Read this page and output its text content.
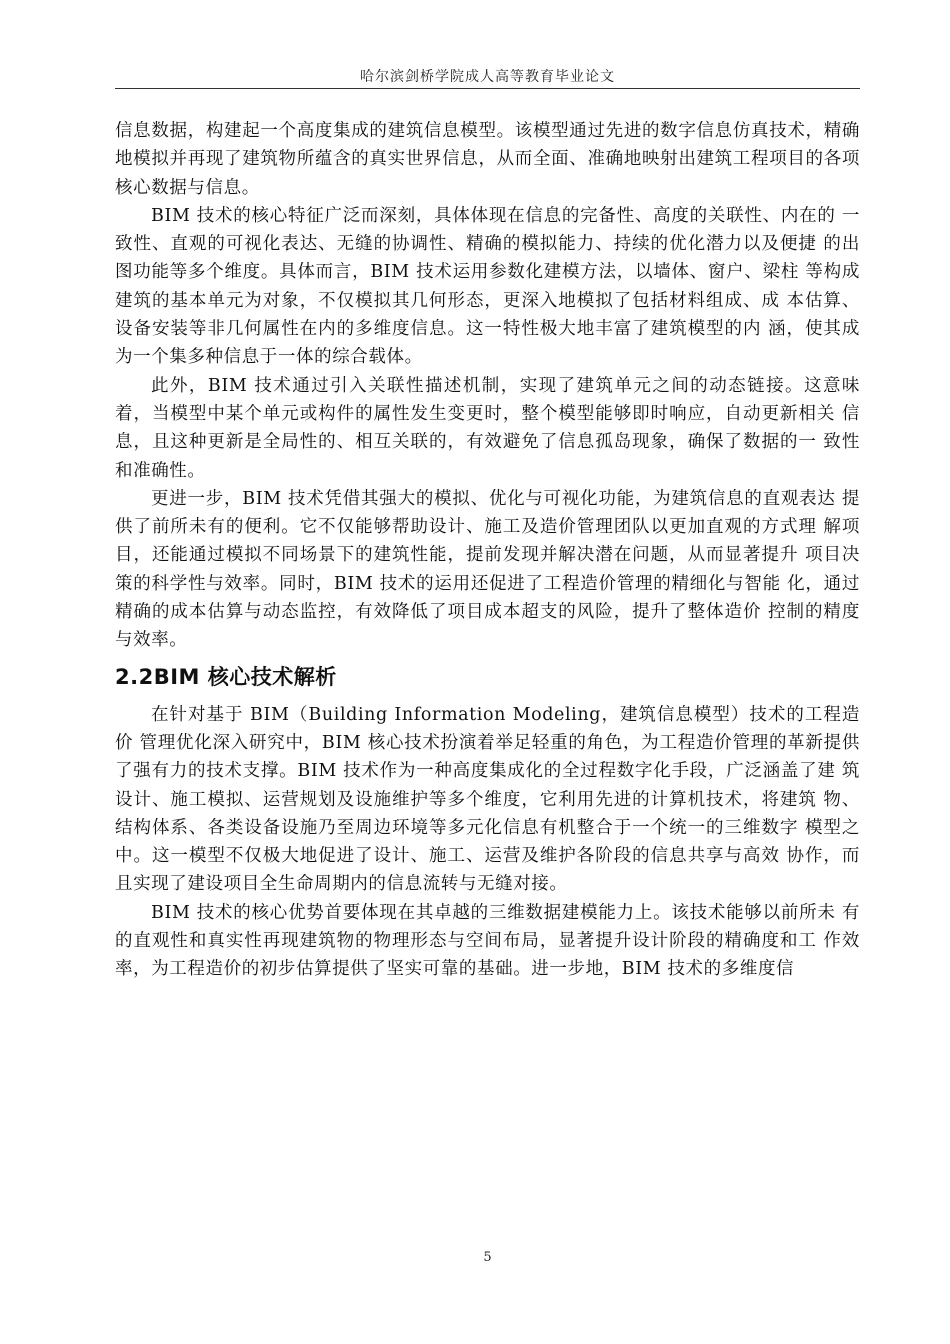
哈尔滨剑桥学院成人高等教育毕业论文

信息数据，构建起一个高度集成的建筑信息模型。该模型通过先进的数字信息仿真技术，精确地模拟并再现了建筑物所蕴含的真实世界信息，从而全面、准确地映射出建筑工程项目的各项核心数据与信息。

BIM 技术的核心特征广泛而深刻，具体体现在信息的完备性、高度的关联性、内在的 一致性、直观的可视化表达、无缝的协调性、精确的模拟能力、持续的优化潜力以及便捷 的出图功能等多个维度。具体而言，BIM 技术运用参数化建模方法，以墙体、窗户、梁柱 等构成建筑的基本单元为对象，不仅模拟其几何形态，更深入地模拟了包括材料组成、成 本估算、设备安装等非几何属性在内的多维度信息。这一特性极大地丰富了建筑模型的内 涵，使其成为一个集多种信息于一体的综合载体。

此外，BIM 技术通过引入关联性描述机制，实现了建筑单元之间的动态链接。这意味 着，当模型中某个单元或构件的属性发生变更时，整个模型能够即时响应，自动更新相关 信息，且这种更新是全局性的、相互关联的，有效避免了信息孤岛现象，确保了数据的一 致性和准确性。

更进一步，BIM 技术凭借其强大的模拟、优化与可视化功能，为建筑信息的直观表达 提供了前所未有的便利。它不仅能够帮助设计、施工及造价管理团队以更加直观的方式理 解项目，还能通过模拟不同场景下的建筑性能，提前发现并解决潜在问题，从而显著提升 项目决策的科学性与效率。同时，BIM 技术的运用还促进了工程造价管理的精细化与智能 化，通过精确的成本估算与动态监控，有效降低了项目成本超支的风险，提升了整体造价 控制的精度与效率。

2.2BIM 核心技术解析

在针对基于 BIM（Building Information Modeling，建筑信息模型）技术的工程造价 管理优化深入研究中，BIM 核心技术扮演着举足轻重的角色，为工程造价管理的革新提供 了强有力的技术支撑。BIM 技术作为一种高度集成化的全过程数字化手段，广泛涵盖了建 筑设计、施工模拟、运营规划及设施维护等多个维度，它利用先进的计算机技术，将建筑 物、结构体系、各类设备设施乃至周边环境等多元化信息有机整合于一个统一的三维数字 模型之中。这一模型不仅极大地促进了设计、施工、运营及维护各阶段的信息共享与高效 协作，而且实现了建设项目全生命周期内的信息流转与无缝对接。

BIM 技术的核心优势首要体现在其卓越的三维数据建模能力上。该技术能够以前所未 有的直观性和真实性再现建筑物的物理形态与空间布局，显著提升设计阶段的精确度和工 作效率，为工程造价的初步估算提供了坚实可靠的基础。进一步地，BIM 技术的多维度信

5
